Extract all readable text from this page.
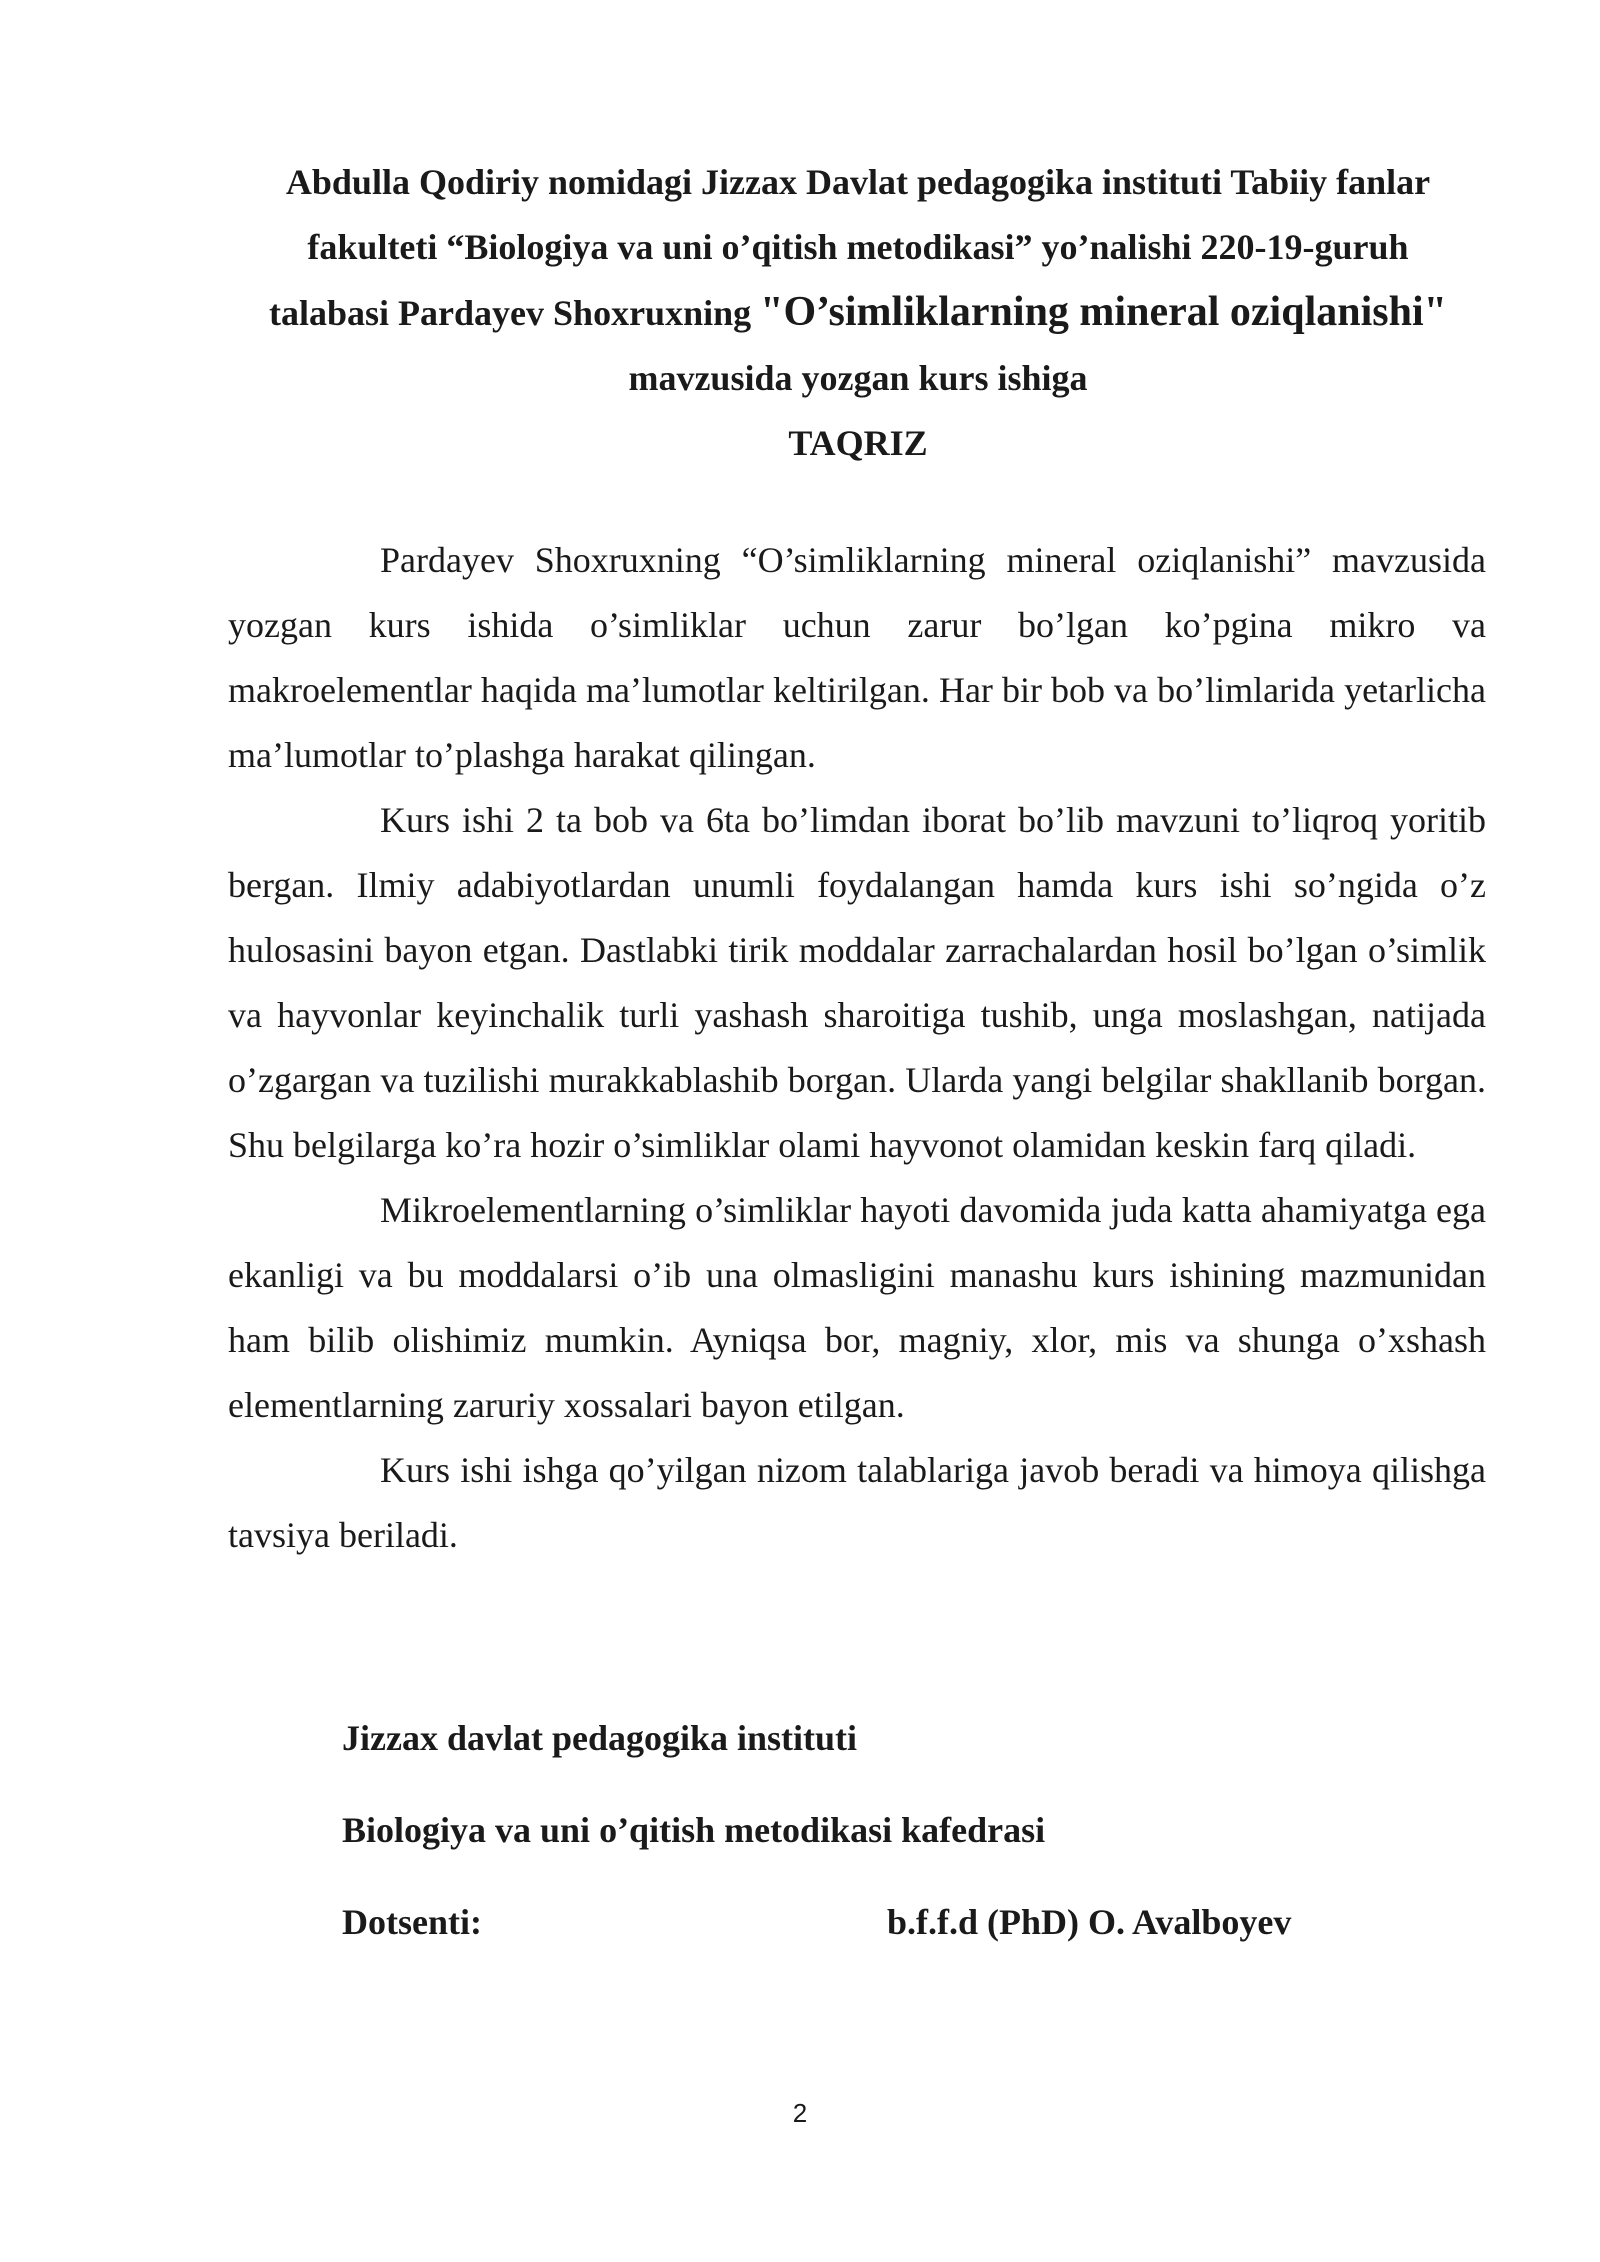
Abdulla Qodiriy nomidagi Jizzax Davlat pedagogika instituti Tabiiy fanlar
fakulteti “Biologiya va uni o’qitish metodikasi” yo’nalishi 220-19-guruh
talabasi Pardayev Shoxruxning "O’simliklarning mineral oziqlanishi"
mavzusida yozgan kurs ishiga
TAQRIZ

Pardayev Shoxruxning “O’simliklarning mineral oziqlanishi” mavzusida yozgan kurs ishida o’simliklar uchun zarur bo’lgan ko’pgina mikro va makroelementlar haqida ma’lumotlar keltirilgan. Har bir bob va bo’limlarida yetarlicha ma’lumotlar to’plashga harakat qilingan.

Kurs ishi 2 ta bob va 6ta bo’limdan iborat bo’lib mavzuni to’liqroq yoritib bergan. Ilmiy adabiyotlardan unumli foydalangan hamda kurs ishi so’ngida o’z hulosasini bayon etgan. Dastlabki tirik moddalar zarrachalardan hosil bo’lgan o’simlik va hayvonlar keyinchalik turli yashash sharoitiga tushib, unga moslashgan, natijada o’zgargan va tuzilishi murakkablashib borgan. Ularda yangi belgilar shakllanib borgan. Shu belgilarga ko’ra hozir o’simliklar olami hayvonot olamidan keskin farq qiladi.

Mikroelementlarning o’simliklar hayoti davomida juda katta ahamiyatga ega ekanligi va bu moddalarsi o’ib una olmasligini manashu kurs ishining mazmunidan ham bilib olishimiz mumkin. Ayniqsa bor, magniy, xlor, mis va shunga o’xshash elementlarning zaruriy xossalari bayon etilgan.

Kurs ishi ishga qo’yilgan nizom talablariga javob beradi va himoya qilishga tavsiya beriladi.

Jizzax davlat pedagogika instituti
Biologiya va uni o’qitish metodikasi kafedrasi
Dotsenti:	b.f.f.d (PhD) O. Avalboyev
2
